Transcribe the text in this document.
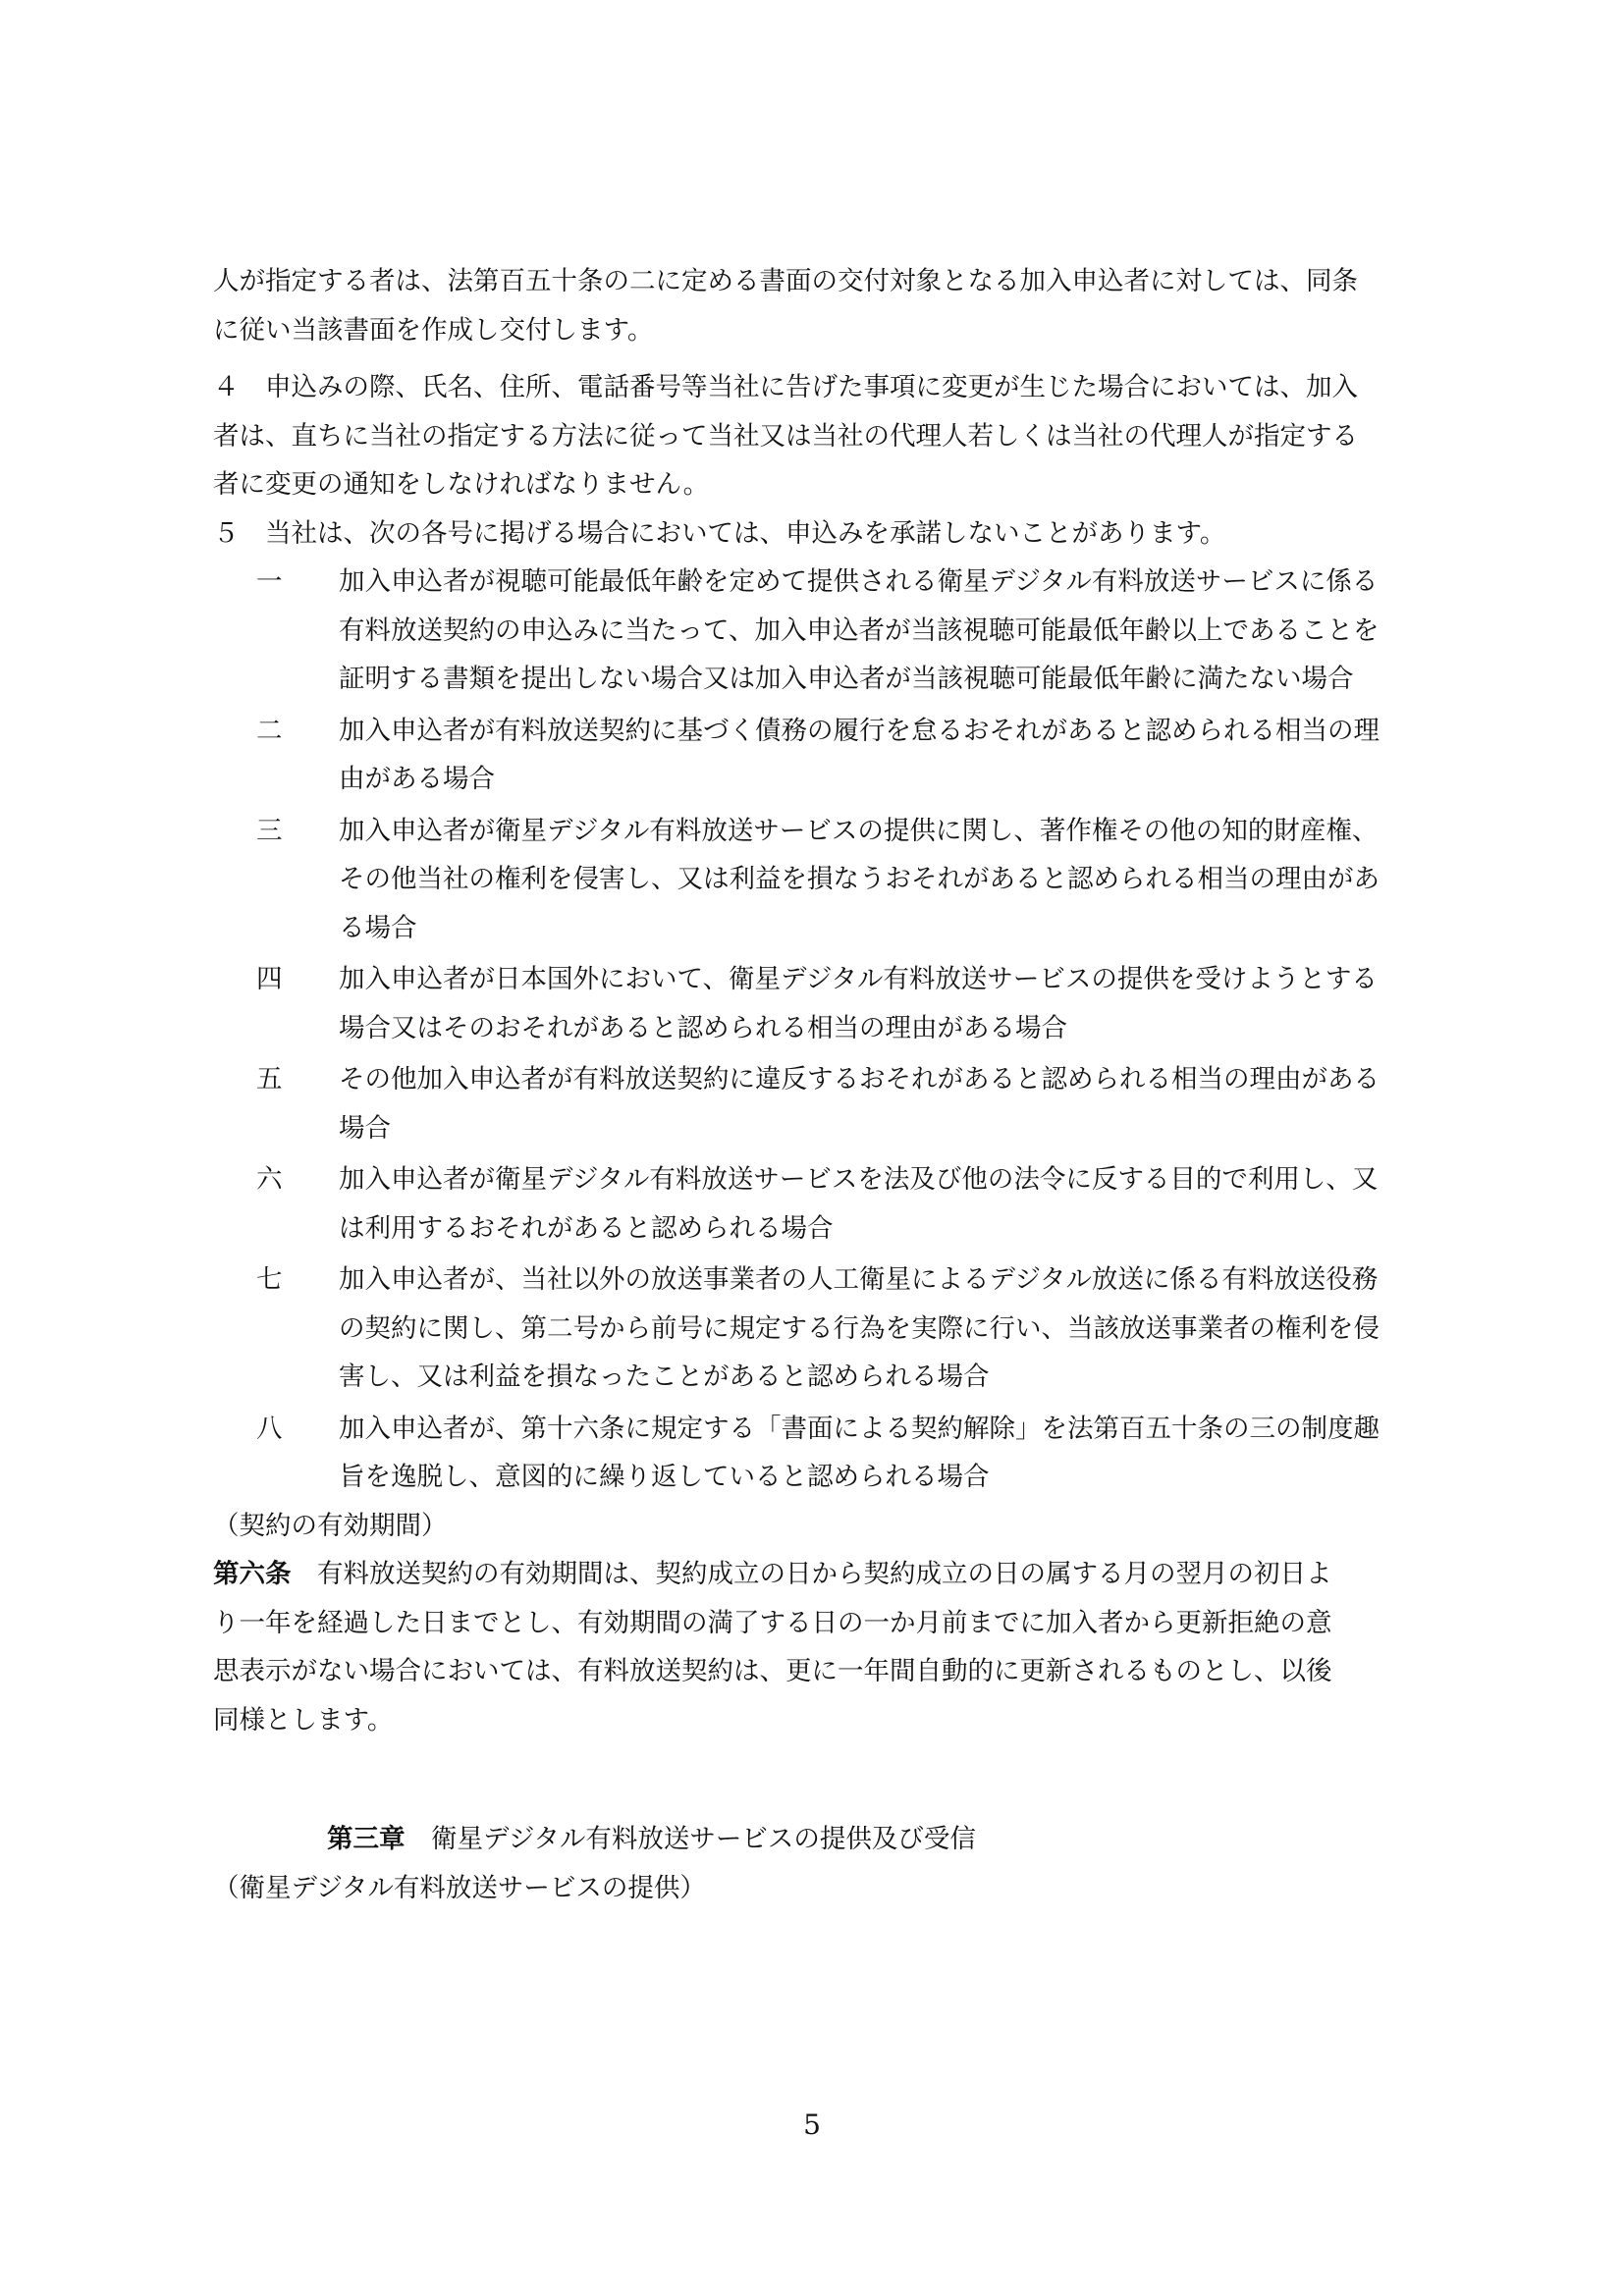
人が指定する者は、法第百五十条の二に定める書面の交付対象となる加入申込者に対しては、同条
に従い当該書面を作成し交付します。
４　申込みの際、氏名、住所、電話番号等当社に告げた事項に変更が生じた場合においては、加入
者は、直ちに当社の指定する方法に従って当社又は当社の代理人若しくは当社の代理人が指定する
者に変更の通知をしなければなりません。
５　当社は、次の各号に掲げる場合においては、申込みを承諾しないことがあります。
一	加入申込者が視聴可能最低年齢を定めて提供される衛星デジタル有料放送サービスに係る
有料放送契約の申込みに当たって、加入申込者が当該視聴可能最低年齢以上であることを
証明する書類を提出しない場合又は加入申込者が当該視聴可能最低年齢に満たない場合
二	加入申込者が有料放送契約に基づく債務の履行を怠るおそれがあると認められる相当の理
由がある場合
三	加入申込者が衛星デジタル有料放送サービスの提供に関し、著作権その他の知的財産権、
その他当社の権利を侵害し、又は利益を損なうおそれがあると認められる相当の理由があ
る場合
四	加入申込者が日本国外において、衛星デジタル有料放送サービスの提供を受けようとする
場合又はそのおそれがあると認められる相当の理由がある場合
五	その他加入申込者が有料放送契約に違反するおそれがあると認められる相当の理由がある
場合
六	加入申込者が衛星デジタル有料放送サービスを法及び他の法令に反する目的で利用し、又
は利用するおそれがあると認められる場合
七	加入申込者が、当社以外の放送事業者の人工衛星によるデジタル放送に係る有料放送役務
の契約に関し、第二号から前号に規定する行為を実際に行い、当該放送事業者の権利を侵
害し、又は利益を損なったことがあると認められる場合
八	加入申込者が、第十六条に規定する「書面による契約解除」を法第百五十条の三の制度趣
旨を逸脱し、意図的に繰り返していると認められる場合
（契約の有効期間）
第六条　有料放送契約の有効期間は、契約成立の日から契約成立の日の属する月の翌月の初日よ
り一年を経過した日までとし、有効期間の満了する日の一か月前までに加入者から更新拒絶の意
思表示がない場合においては、有料放送契約は、更に一年間自動的に更新されるものとし、以後
同様とします。
第三章　衛星デジタル有料放送サービスの提供及び受信
（衛星デジタル有料放送サービスの提供）
5
